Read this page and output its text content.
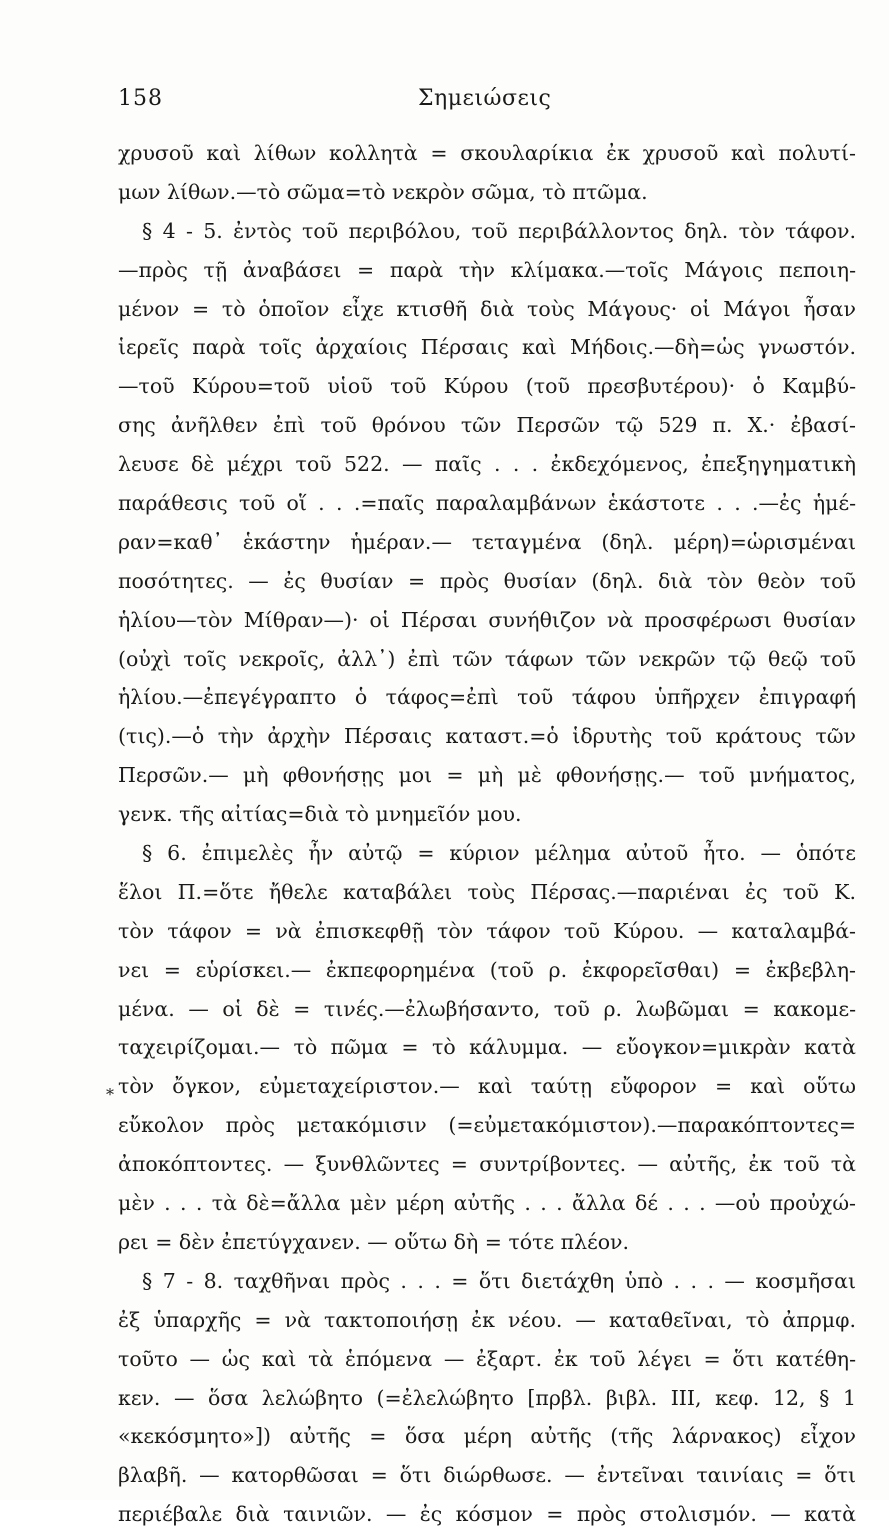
158	Σημειώσεις
*
χρυσοῦ καὶ λίθων κολλητὰ = σκουλαρίκια ἐκ χρυσοῦ καὶ πολυτί-
μων λίθων.—τὸ σῶμα=τὸ νεκρὸν σῶμα, τὸ πτῶμα.
§ 4 - 5. ἐντὸς τοῦ περιβόλου, τοῦ περιβάλλοντος δηλ. τὸν τάφον.
—πρὸς τῇ ἀναβάσει = παρὰ τὴν κλίμακα.—τοῖς Μάγοις πεποιη-
μένον = τὸ ὁποῖον εἶχε κτισθῆ διὰ τοὺς Μάγους· οἱ Μάγοι ἦσαν
ἱερεῖς παρὰ τοῖς ἀρχαίοις Πέρσαις καὶ Μήδοις.—δὴ=ὡς γνωστόν.
—τοῦ Κύρου=τοῦ υἱοῦ τοῦ Κύρου (τοῦ πρεσβυτέρου)· ὁ Καμβύ-
σης ἀνῆλθεν ἐπὶ τοῦ θρόνου τῶν Περσῶν τῷ 529 π. Χ.· ἐβασί-
λευσε δὲ μέχρι τοῦ 522. — παῖς . . . ἐκδεχόμενος, ἐπεξηγηματικὴ
παράθεσις τοῦ οἵ . . .=παῖς παραλαμβάνων ἑκάστοτε . . .—ἐς ἡμέ-
ραν=καθ᾽ ἑκάστην ἡμέραν.— τεταγμένα (δηλ. μέρη)=ὡρισμέναι
ποσότητες. — ἐς θυσίαν = πρὸς θυσίαν (δηλ. διὰ τὸν θεὸν τοῦ
ἡλίου—τὸν Μίθραν—)· οἱ Πέρσαι συνήθιζον νὰ προσφέρωσι θυσίαν
(οὐχὶ τοῖς νεκροῖς, ἀλλ᾽) ἐπὶ τῶν τάφων τῶν νεκρῶν τῷ θεῷ τοῦ
ἡλίου.—ἐπεγέγραπτο ὁ τάφος=ἐπὶ τοῦ τάφου ὑπῆρχεν ἐπιγραφή
(τις).—ὁ τὴν ἀρχὴν Πέρσαις καταστ.=ὁ ἱδρυτὴς τοῦ κράτους τῶν
Περσῶν.— μὴ φθονήσῃς μοι = μὴ μὲ φθονήσῃς.— τοῦ μνήματος,
γενκ. τῆς αἰτίας=διὰ τὸ μνημεῖόν μου.
§ 6. ἐπιμελὲς ἦν αὐτῷ = κύριον μέλημα αὐτοῦ ἦτο. — ὁπότε
ἕλοι Π.=ὅτε ἤθελε καταβάλει τοὺς Πέρσας.—παριέναι ἐς τοῦ Κ.
τὸν τάφον = νὰ ἐπισκεφθῇ τὸν τάφον τοῦ Κύρου. — καταλαμβά-
νει = εὑρίσκει.— ἐκπεφορημένα (τοῦ ρ. ἐκφορεῖσθαι) = ἐκβεβλη-
μένα. — οἱ δὲ = τινές.—ἐλωβήσαντο, τοῦ ρ. λωβῶμαι = κακομε-
ταχειρίζομαι.— τὸ πῶμα = τὸ κάλυμμα. — εὔογκον=μικρὰν κατὰ
τὸν ὄγκον, εὐμεταχείριστον.— καὶ ταύτῃ εὔφορον = καὶ οὕτω
εὔκολον πρὸς μετακόμισιν (=εὐμετακόμιστον).—παρακόπτοντες=
ἀποκόπτοντες. — ξυνθλῶντες = συντρίβοντες. — αὐτῆς, ἐκ τοῦ τὰ
μὲν . . . τὰ δὲ=ἄλλα μὲν μέρη αὐτῆς . . . ἄλλα δέ . . . —οὐ προὐχώ-
ρει = δὲν ἐπετύγχανεν. — οὕτω δὴ = τότε πλέον.
§ 7 - 8. ταχθῆναι πρὸς . . . = ὅτι διετάχθη ὑπὸ . . . — κοσμῆσαι
ἐξ ὑπαρχῆς = νὰ τακτοποιήσῃ ἐκ νέου. — καταθεῖναι, τὸ ἀπρμφ.
τοῦτο — ὡς καὶ τὰ ἑπόμενα — ἐξαρτ. ἐκ τοῦ λέγει = ὅτι κατέθη-
κεν. — ὅσα λελώβητο (=ἐλελώβητο [πρβλ. βιβλ. III, κεφ. 12, § 1
«κεκόσμητο»]) αὐτῆς = ὅσα μέρη αὐτῆς (τῆς λάρνακος) εἶχον
βλαβῆ. — κατορθῶσαι = ὅτι διώρθωσε. — ἐντεῖναι ταινίαις = ὅτι
περιέβαλε διὰ ταινιῶν. — ἐς κόσμον = πρὸς στολισμόν. — κατὰ
